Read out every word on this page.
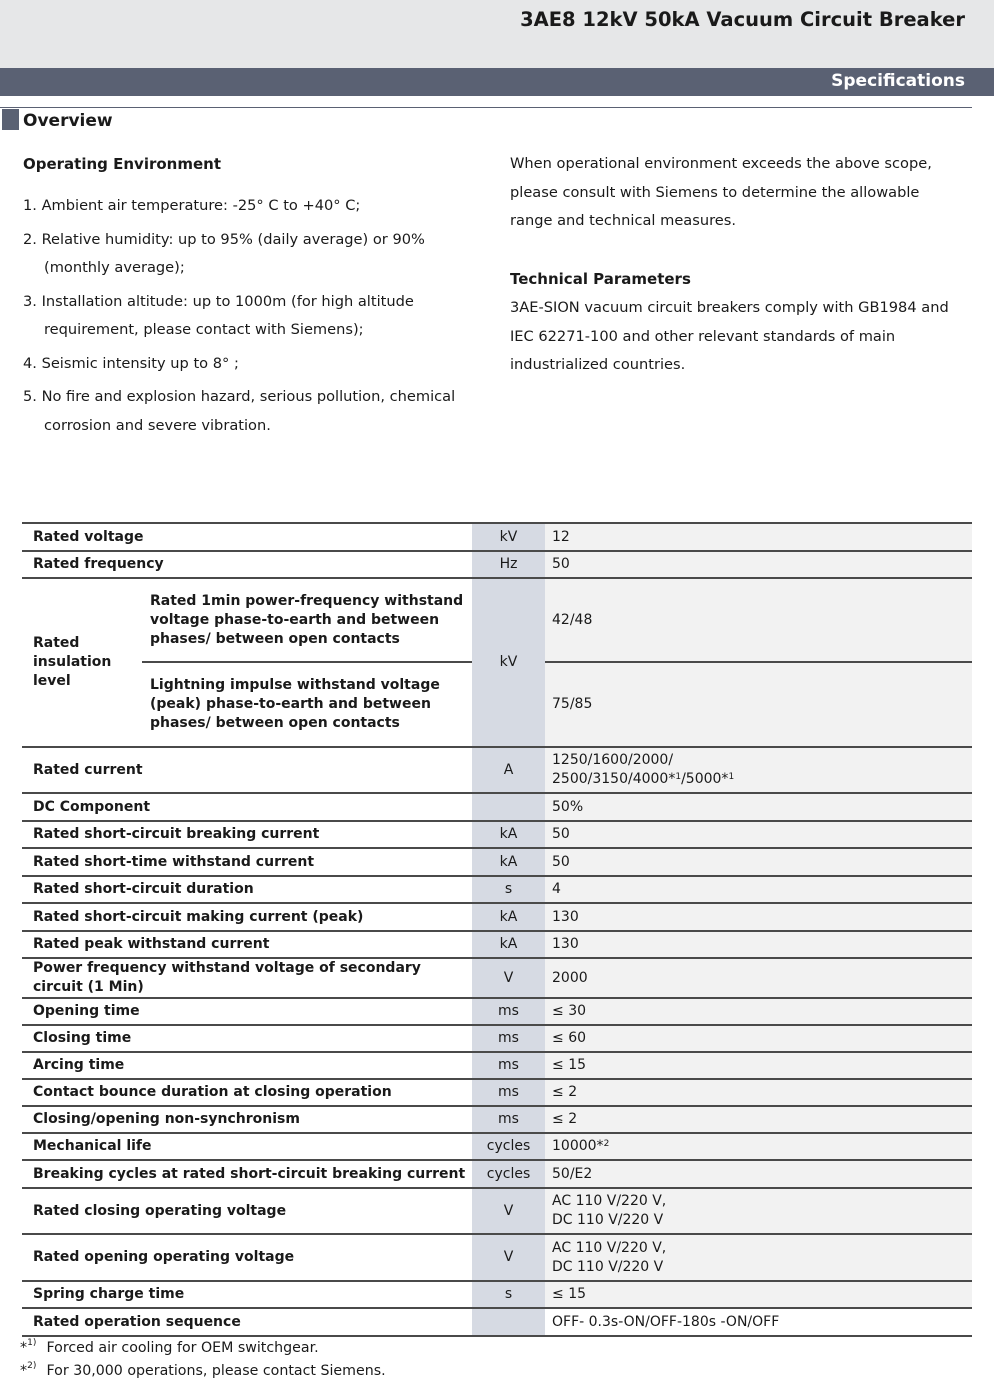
3AE8 12kV 50kA Vacuum Circuit Breaker
Specifications
Overview
Operating Environment
1. Ambient air temperature: -25° C to +40° C;
2. Relative humidity: up to 95% (daily average) or 90% (monthly average);
3. Installation altitude: up to 1000m (for high altitude requirement, please contact with Siemens);
4. Seismic intensity up to 8° ;
5. No fire and explosion hazard, serious pollution, chemical corrosion and severe vibration.
When operational environment exceeds the above scope, please consult with Siemens to determine the allowable range and technical measures.
Technical Parameters
3AE-SION vacuum circuit breakers comply with GB1984 and IEC 62271-100 and other relevant standards of main industrialized countries.
Rated voltage		kV	12
Rated frequency		Hz	50
Rated insulation level	Rated 1min power-frequency withstand voltage phase-to-earth and between phases/ between open contacts	kV	42/48
	Lightning impulse withstand voltage (peak) phase-to-earth and between phases/ between open contacts		75/85
Rated current		A	1250/1600/2000/
2500/3150/4000*$^1$/5000*$^1$
DC Component			50%
Rated short-circuit breaking current		kA	50
Rated short-time withstand current		kA	50
Rated short-circuit duration		s	4
Rated short-circuit making current (peak)		kA	130
Rated peak withstand current		kA	130
Power frequency withstand voltage of secondary circuit (1 Min)		V	2000
Opening time		ms	≤ 30
Closing time		ms	≤ 60
Arcing time		ms	≤ 15
Contact bounce duration at closing operation		ms	≤ 2
Closing/opening non-synchronism		ms	≤ 2
Mechanical life		cycles	10000*$^2$
Breaking cycles at rated short-circuit breaking current		cycles	50/E2
Rated closing operating voltage		V	AC 110 V/220 V,
DC 110 V/220 V
Rated opening operating voltage		V	AC 110 V/220 V,
DC 110 V/220 V
Spring charge time		s	≤ 15
Rated operation sequence			OFF- 0.3s-ON/OFF-180s -ON/OFF
*$^{1)}$ Forced air cooling for OEM switchgear.
*$^{2)}$ For 30,000 operations, please contact Siemens.
